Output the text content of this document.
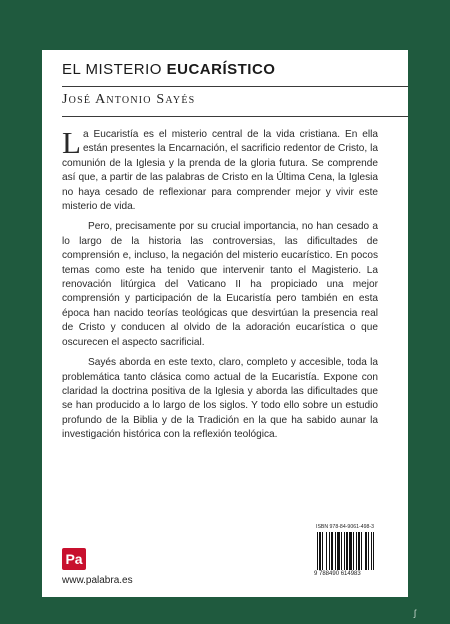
EL MISTERIO EUCARÍSTICO
José Antonio Sayés

La Eucaristía es el misterio central de la vida cristiana. En ella están presentes la Encarnación, el sacrificio redentor de Cristo, la comunión de la Iglesia y la prenda de la gloria futura. Se comprende así que, a partir de las palabras de Cristo en la Última Cena, la Iglesia no haya cesado de reflexionar para comprender mejor y vivir este misterio de vida.

Pero, precisamente por su crucial importancia, no han cesado a lo largo de la historia las controversias, las dificultades de comprensión e, incluso, la negación del misterio eucarístico. En pocos temas como este ha tenido que intervenir tanto el Magisterio. La renovación litúrgica del Vaticano II ha propiciado una mejor comprensión y participación de la Eucaristía pero también en esta época han nacido teorías teológicas que desvirtúan la presencia real de Cristo y conducen al olvido de la adoración eucarística o que oscurecen el aspecto sacrificial.

Sayés aborda en este texto, claro, completo y accesible, toda la problemática tanto clásica como actual de la Eucaristía. Expone con claridad la doctrina positiva de la Iglesia y aborda las dificultades que se han producido a lo largo de los siglos. Y todo ello sobre un estudio profundo de la Biblia y de la Tradición en la que ha sabido aunar la investigación histórica con la reflexión teológica.

Pa
www.palabra.es
ISBN 978-84-9061-498-3
9 788490 614983
ʃ
